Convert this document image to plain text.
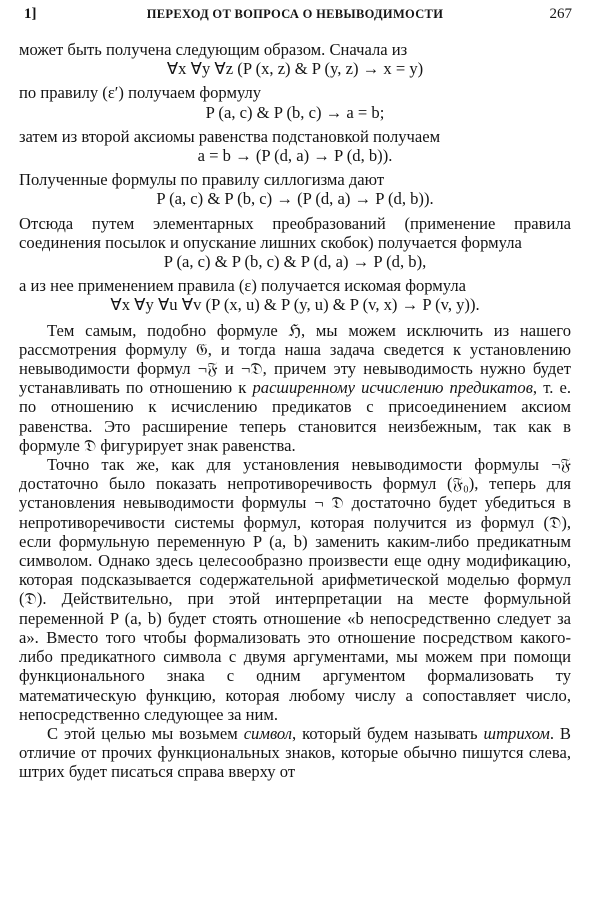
1]	ПЕРЕХОД ОТ ВОПРОСА О НЕВЫВОДИМОСТИ	267

может быть получена следующим образом. Сначала из

∀x ∀y ∀z (P (x, z) & P (y, z) → x = y)

по правилу (ε′) получаем формулу

P (a, c) & P (b, c) → a = b;

затем из второй аксиомы равенства подстановкой получаем

a = b → (P (d, a) → P (d, b)).

Полученные формулы по правилу силлогизма дают

P (a, c) & P (b, c) → (P (d, a) → P (d, b)).

Отсюда путем элементарных преобразований (применение правила соединения посылок и опускание лишних скобок) получается формула

P (a, c) & P (b, c) & P (d, a) → P (d, b),

а из нее применением правила (ε) получается искомая формула

∀x ∀y ∀u ∀v (P (x, u) & P (y, u) & P (v, x) → P (v, y)).

Тем самым, подобно формуле ℌ, мы можем исключить из нашего рассмотрения формулу 𝔊, и тогда наша задача сведется к установлению невыводимости формул ¬𝔉 и ¬𝔇, причем эту невыводимость нужно будет устанавливать по отношению к расширенному исчислению предикатов, т. е. по отношению к исчислению предикатов с присоединением аксиом равенства. Это расширение теперь становится неизбежным, так как в формуле 𝔇 фигурирует знак равенства.

Точно так же, как для установления невыводимости формулы ¬𝔉 достаточно было показать непротиворечивость формул (𝔉₀), теперь для установления невыводимости формулы ¬ 𝔇 достаточно будет убедиться в непротиворечивости системы формул, которая получится из формул (𝔇), если формульную переменную P (a, b) заменить каким-либо предикатным символом. Однако здесь целесообразно произвести еще одну модификацию, которая подсказывается содержательной арифметической моделью формул (𝔇). Действительно, при этой интерпретации на месте формульной переменной P (a, b) будет стоять отношение «b непосредственно следует за a». Вместо того чтобы формализовать это отношение посредством какого-либо предикатного символа с двумя аргументами, мы можем при помощи функционального знака с одним аргументом формализовать ту математическую функцию, которая любому числу a сопоставляет число, непосредственно следующее за ним.

С этой целью мы возьмем символ, который будем называть штрихом. В отличие от прочих функциональных знаков, которые обычно пишутся слева, штрих будет писаться справа вверху от
